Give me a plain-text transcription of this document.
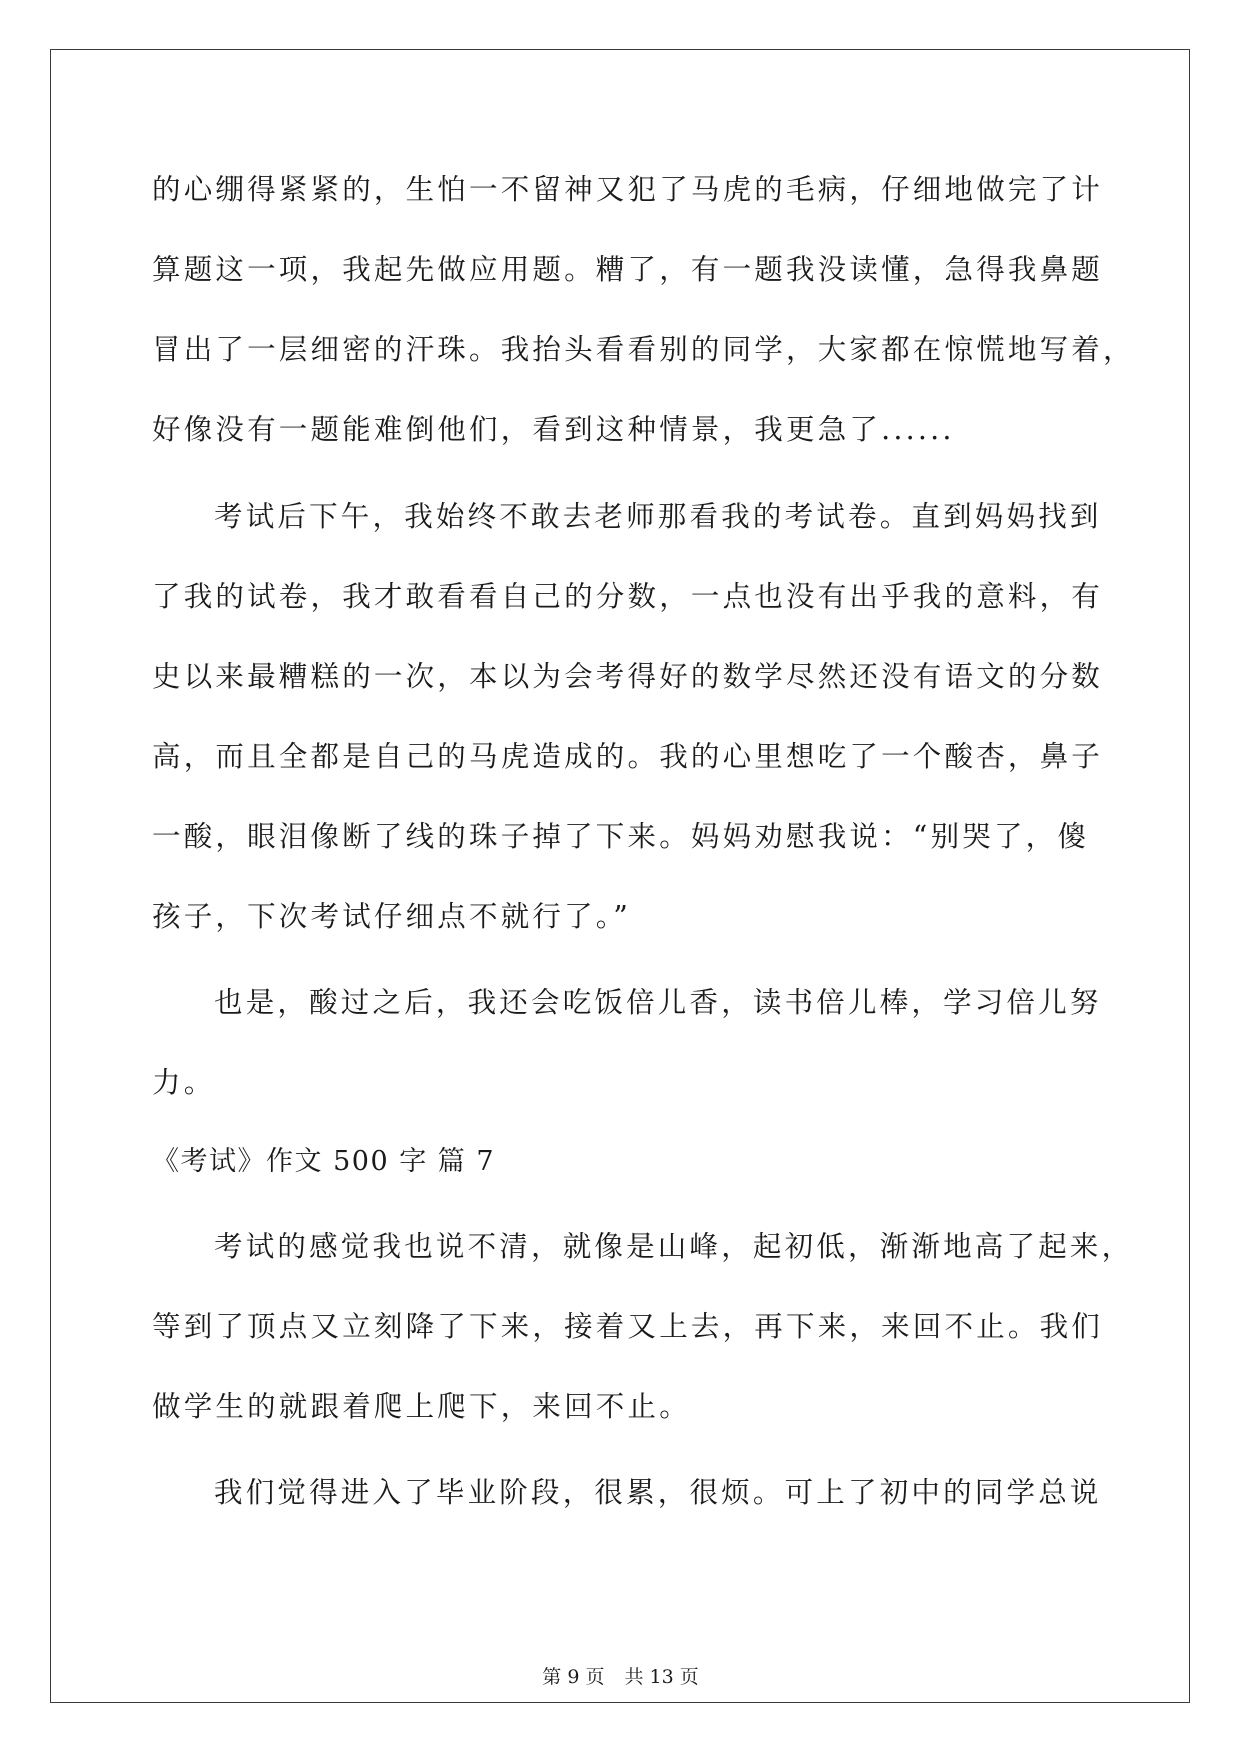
的心绷得紧紧的，生怕一不留神又犯了马虎的毛病，仔细地做完了计
算题这一项，我起先做应用题。糟了，有一题我没读懂，急得我鼻题
冒出了一层细密的汗珠。我抬头看看别的同学，大家都在惊慌地写着，
好像没有一题能难倒他们，看到这种情景，我更急了......
考试后下午，我始终不敢去老师那看我的考试卷。直到妈妈找到
了我的试卷，我才敢看看自己的分数，一点也没有出乎我的意料，有
史以来最糟糕的一次，本以为会考得好的数学尽然还没有语文的分数
高，而且全都是自己的马虎造成的。我的心里想吃了一个酸杏，鼻子
一酸，眼泪像断了线的珠子掉了下来。妈妈劝慰我说：“别哭了，傻
孩子，下次考试仔细点不就行了。”
也是，酸过之后，我还会吃饭倍儿香，读书倍儿棒，学习倍儿努
力。
《考试》作文 500 字 篇 7
考试的感觉我也说不清，就像是山峰，起初低，渐渐地高了起来，
等到了顶点又立刻降了下来，接着又上去，再下来，来回不止。我们
做学生的就跟着爬上爬下，来回不止。
我们觉得进入了毕业阶段，很累，很烦。可上了初中的同学总说
第 9 页 共 13 页
